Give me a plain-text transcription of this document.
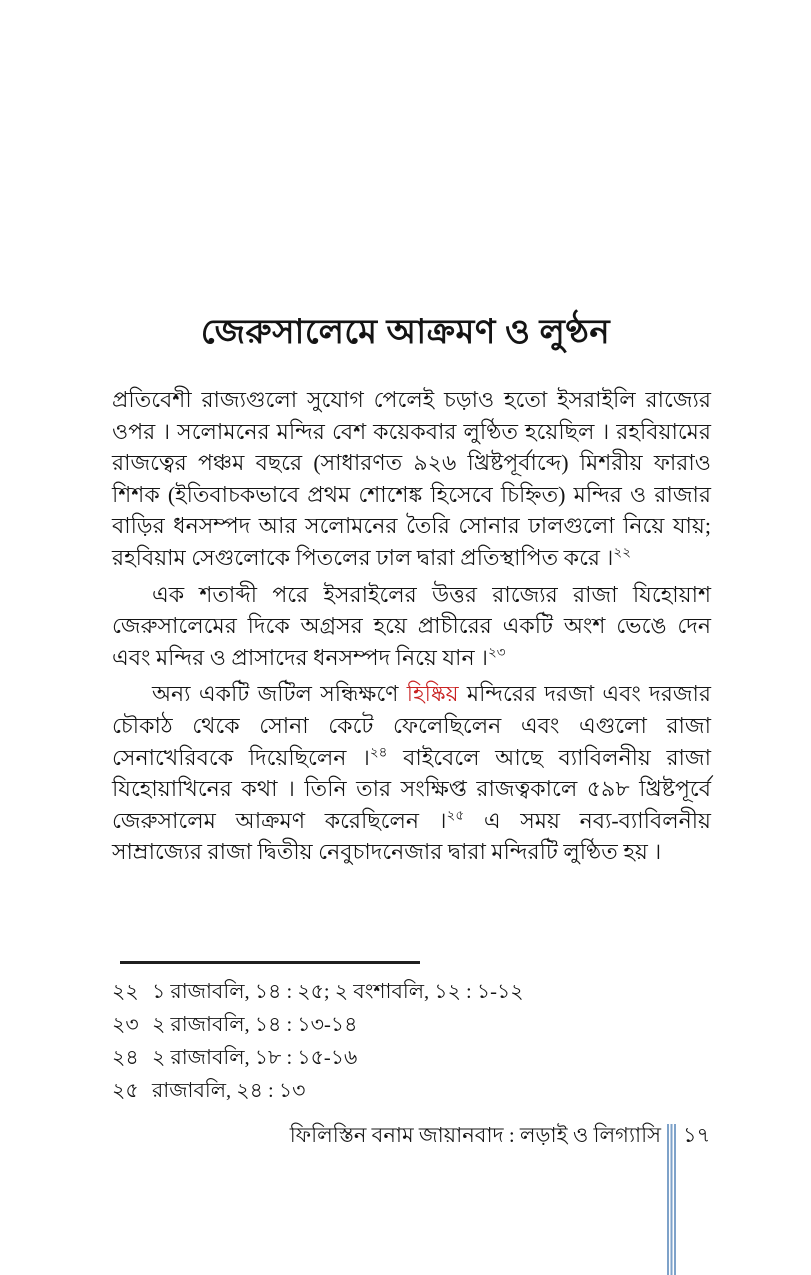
জেরুসালেমে আক্রমণ ও লুণ্ঠন

প্রতিবেশী রাজ্যগুলো সুযোগ পেলেই চড়াও হতো ইসরাইলি রাজ্যের ওপর । সলোমনের মন্দির বেশ কয়েকবার লুণ্ঠিত হয়েছিল । রহবিয়ামের রাজত্বের পঞ্চম বছরে (সাধারণত ৯২৬ খ্রিষ্টপূর্বাব্দে) মিশরীয় ফারাও শিশক (ইতিবাচকভাবে প্রথম শোশেঙ্ক হিসেবে চিহ্নিত) মন্দির ও রাজার বাড়ির ধনসম্পদ আর সলোমনের তৈরি সোনার ঢালগুলো নিয়ে যায়; রহবিয়াম সেগুলোকে পিতলের ঢাল দ্বারা প্রতিস্থাপিত করে ।$^{২২}$

এক শতাব্দী পরে ইসরাইলের উত্তর রাজ্যের রাজা যিহোয়াশ জেরুসালেমের দিকে অগ্রসর হয়ে প্রাচীরের একটি অংশ ভেঙে দেন এবং মন্দির ও প্রাসাদের ধনসম্পদ নিয়ে যান ।$^{২৩}$

অন্য একটি জটিল সন্ধিক্ষণে হিষ্কিয় মন্দিরের দরজা এবং দরজার চৌকাঠ থেকে সোনা কেটে ফেলেছিলেন এবং এগুলো রাজা সেনাখেরিবকে দিয়েছিলেন ।$^{২৪}$ বাইবেলে আছে ব্যাবিলনীয় রাজা যিহোয়াখিনের কথা । তিনি তার সংক্ষিপ্ত রাজত্বকালে ৫৯৮ খ্রিষ্টপূর্বে জেরুসালেম আক্রমণ করেছিলেন ।$^{২৫}$ এ সময় নব্য-ব্যাবিলনীয় সাম্রাজ্যের রাজা দ্বিতীয় নেবুচাদনেজার দ্বারা মন্দিরটি লুণ্ঠিত হয় ।

২২ ১ রাজাবলি, ১৪ : ২৫; ২ বংশাবলি, ১২ : ১-১২
২৩ ২ রাজাবলি, ১৪ : ১৩-১৪
২৪ ২ রাজাবলি, ১৮ : ১৫-১৬
২৫ রাজাবলি, ২৪ : ১৩
ফিলিস্তিন বনাম জায়ানবাদ : লড়াই ও লিগ্যাসি ১৭
